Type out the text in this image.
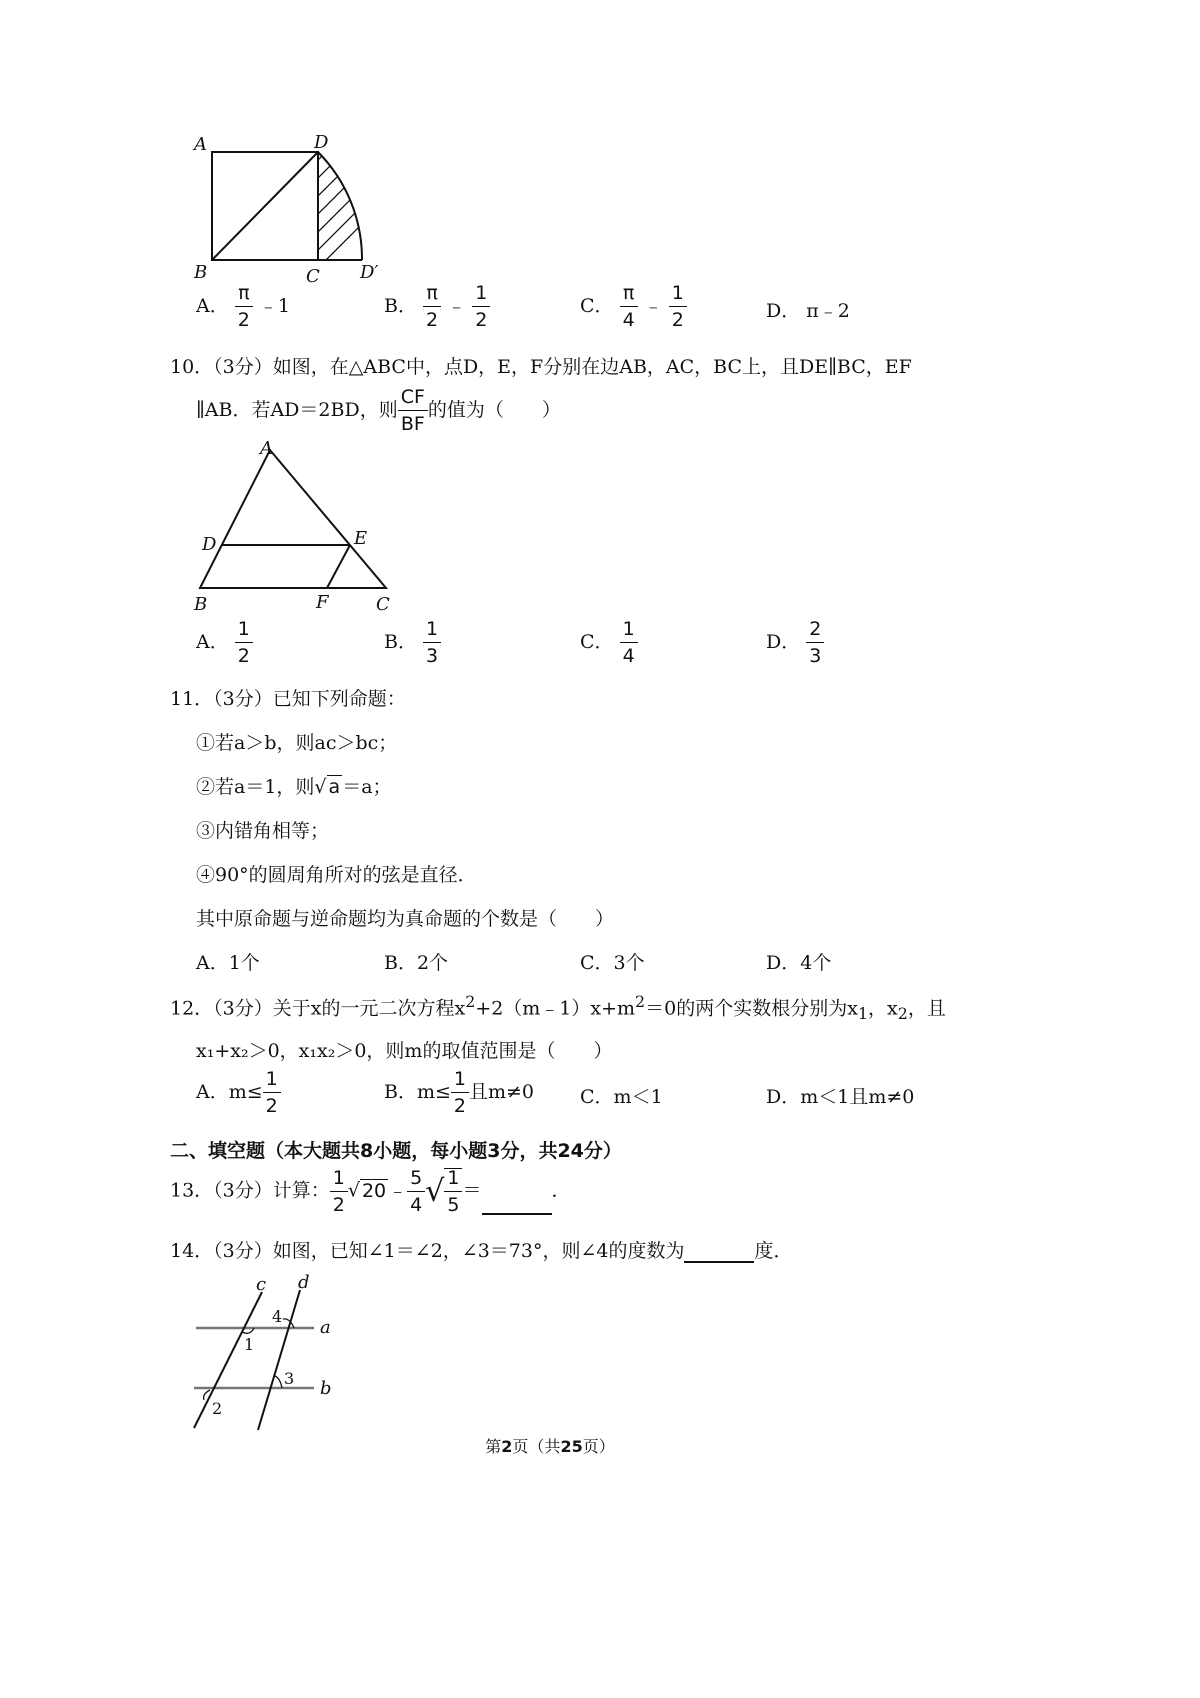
A	D
B	C D′
A． $\frac{\pi}{2}$ ﹣1	B． $\frac{\pi}{2}$ ﹣ $\frac{1}{2}$	C． $\frac{\pi}{4}$ ﹣ $\frac{1}{2}$	D． π﹣2
10．（3分）如图，在△ABC中，点D，E，F分别在边AB，AC，BC上，且DE∥BC，EF
∥AB．若AD＝2BD，则 $\frac{CF}{BF}$ 的值为（　　）
A
D	E
B	F	C
A． $\frac{1}{2}$	B． $\frac{1}{3}$	C． $\frac{1}{4}$	D． $\frac{2}{3}$
11．（3分）已知下列命题：
①若a＞b，则ac＞bc；
②若a＝1，则√ a ＝a；
③内错角相等；
④90°的圆周角所对的弦是直径．
其中原命题与逆命题均为真命题的个数是（　　）
A．1个	B．2个	C．3个	D．4个
12．（3分）关于x的一元二次方程$x^2+2(m﹣1)x+m^2=0$的两个实数根分别为$x_1$，$x_2$，且
x₁+x₂＞0，x₁x₂＞0，则m的取值范围是（　　）
A．$m\le \frac{1}{2}$	B．$m\le \frac{1}{2}$ 且m≠0 C．m＜1	D．m＜1且m≠0
二、填空题（本大题共8小题，每小题3分，共24分）
13．（3分）计算： $\frac{1}{2}$ √ 20 ﹣ $\frac{5}{4}$ √ $\frac{1}{5}$ ＝	．
14．（3分）如图，已知∠1＝∠2，∠3＝73°，则∠4的度数为	度．
c d
a
b
1
2
3
4
第2页（共25页）
